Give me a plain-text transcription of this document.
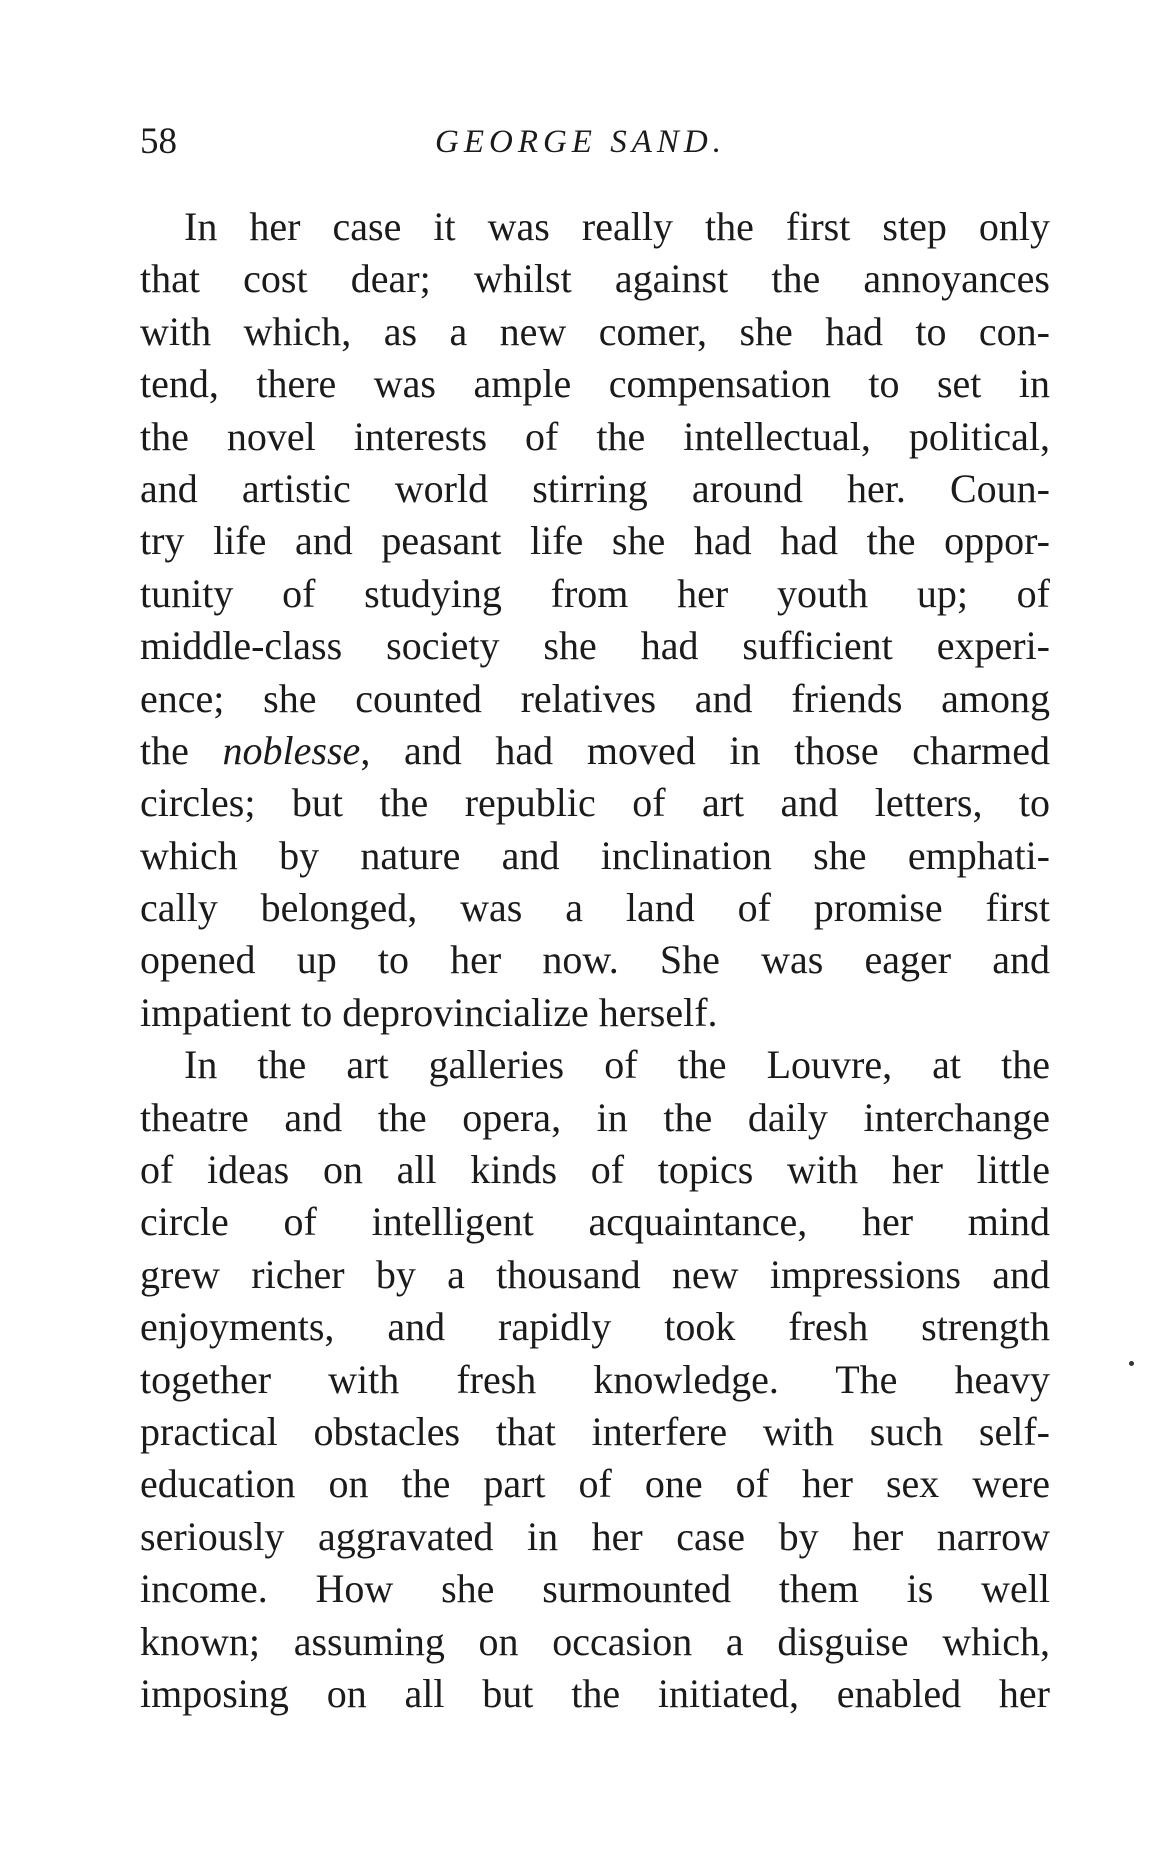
58	GEORGE SAND.
In her case it was really the first step only
that cost dear; whilst against the annoyances
with which, as a new comer, she had to con-
tend, there was ample compensation to set in
the novel interests of the intellectual, political,
and artistic world stirring around her. Coun-
try life and peasant life she had had the oppor-
tunity of studying from her youth up; of
middle-class society she had sufficient experi-
ence; she counted relatives and friends among
the noblesse, and had moved in those charmed
circles; but the republic of art and letters, to
which by nature and inclination she emphati-
cally belonged, was a land of promise first
opened up to her now. She was eager and
impatient to deprovincialize herself.
In the art galleries of the Louvre, at the
theatre and the opera, in the daily interchange
of ideas on all kinds of topics with her little
circle of intelligent acquaintance, her mind
grew richer by a thousand new impressions and
enjoyments, and rapidly took fresh strength
together with fresh knowledge. The heavy
practical obstacles that interfere with such self-
education on the part of one of her sex were
seriously aggravated in her case by her narrow
income. How she surmounted them is well
known; assuming on occasion a disguise which,
imposing on all but the initiated, enabled her
